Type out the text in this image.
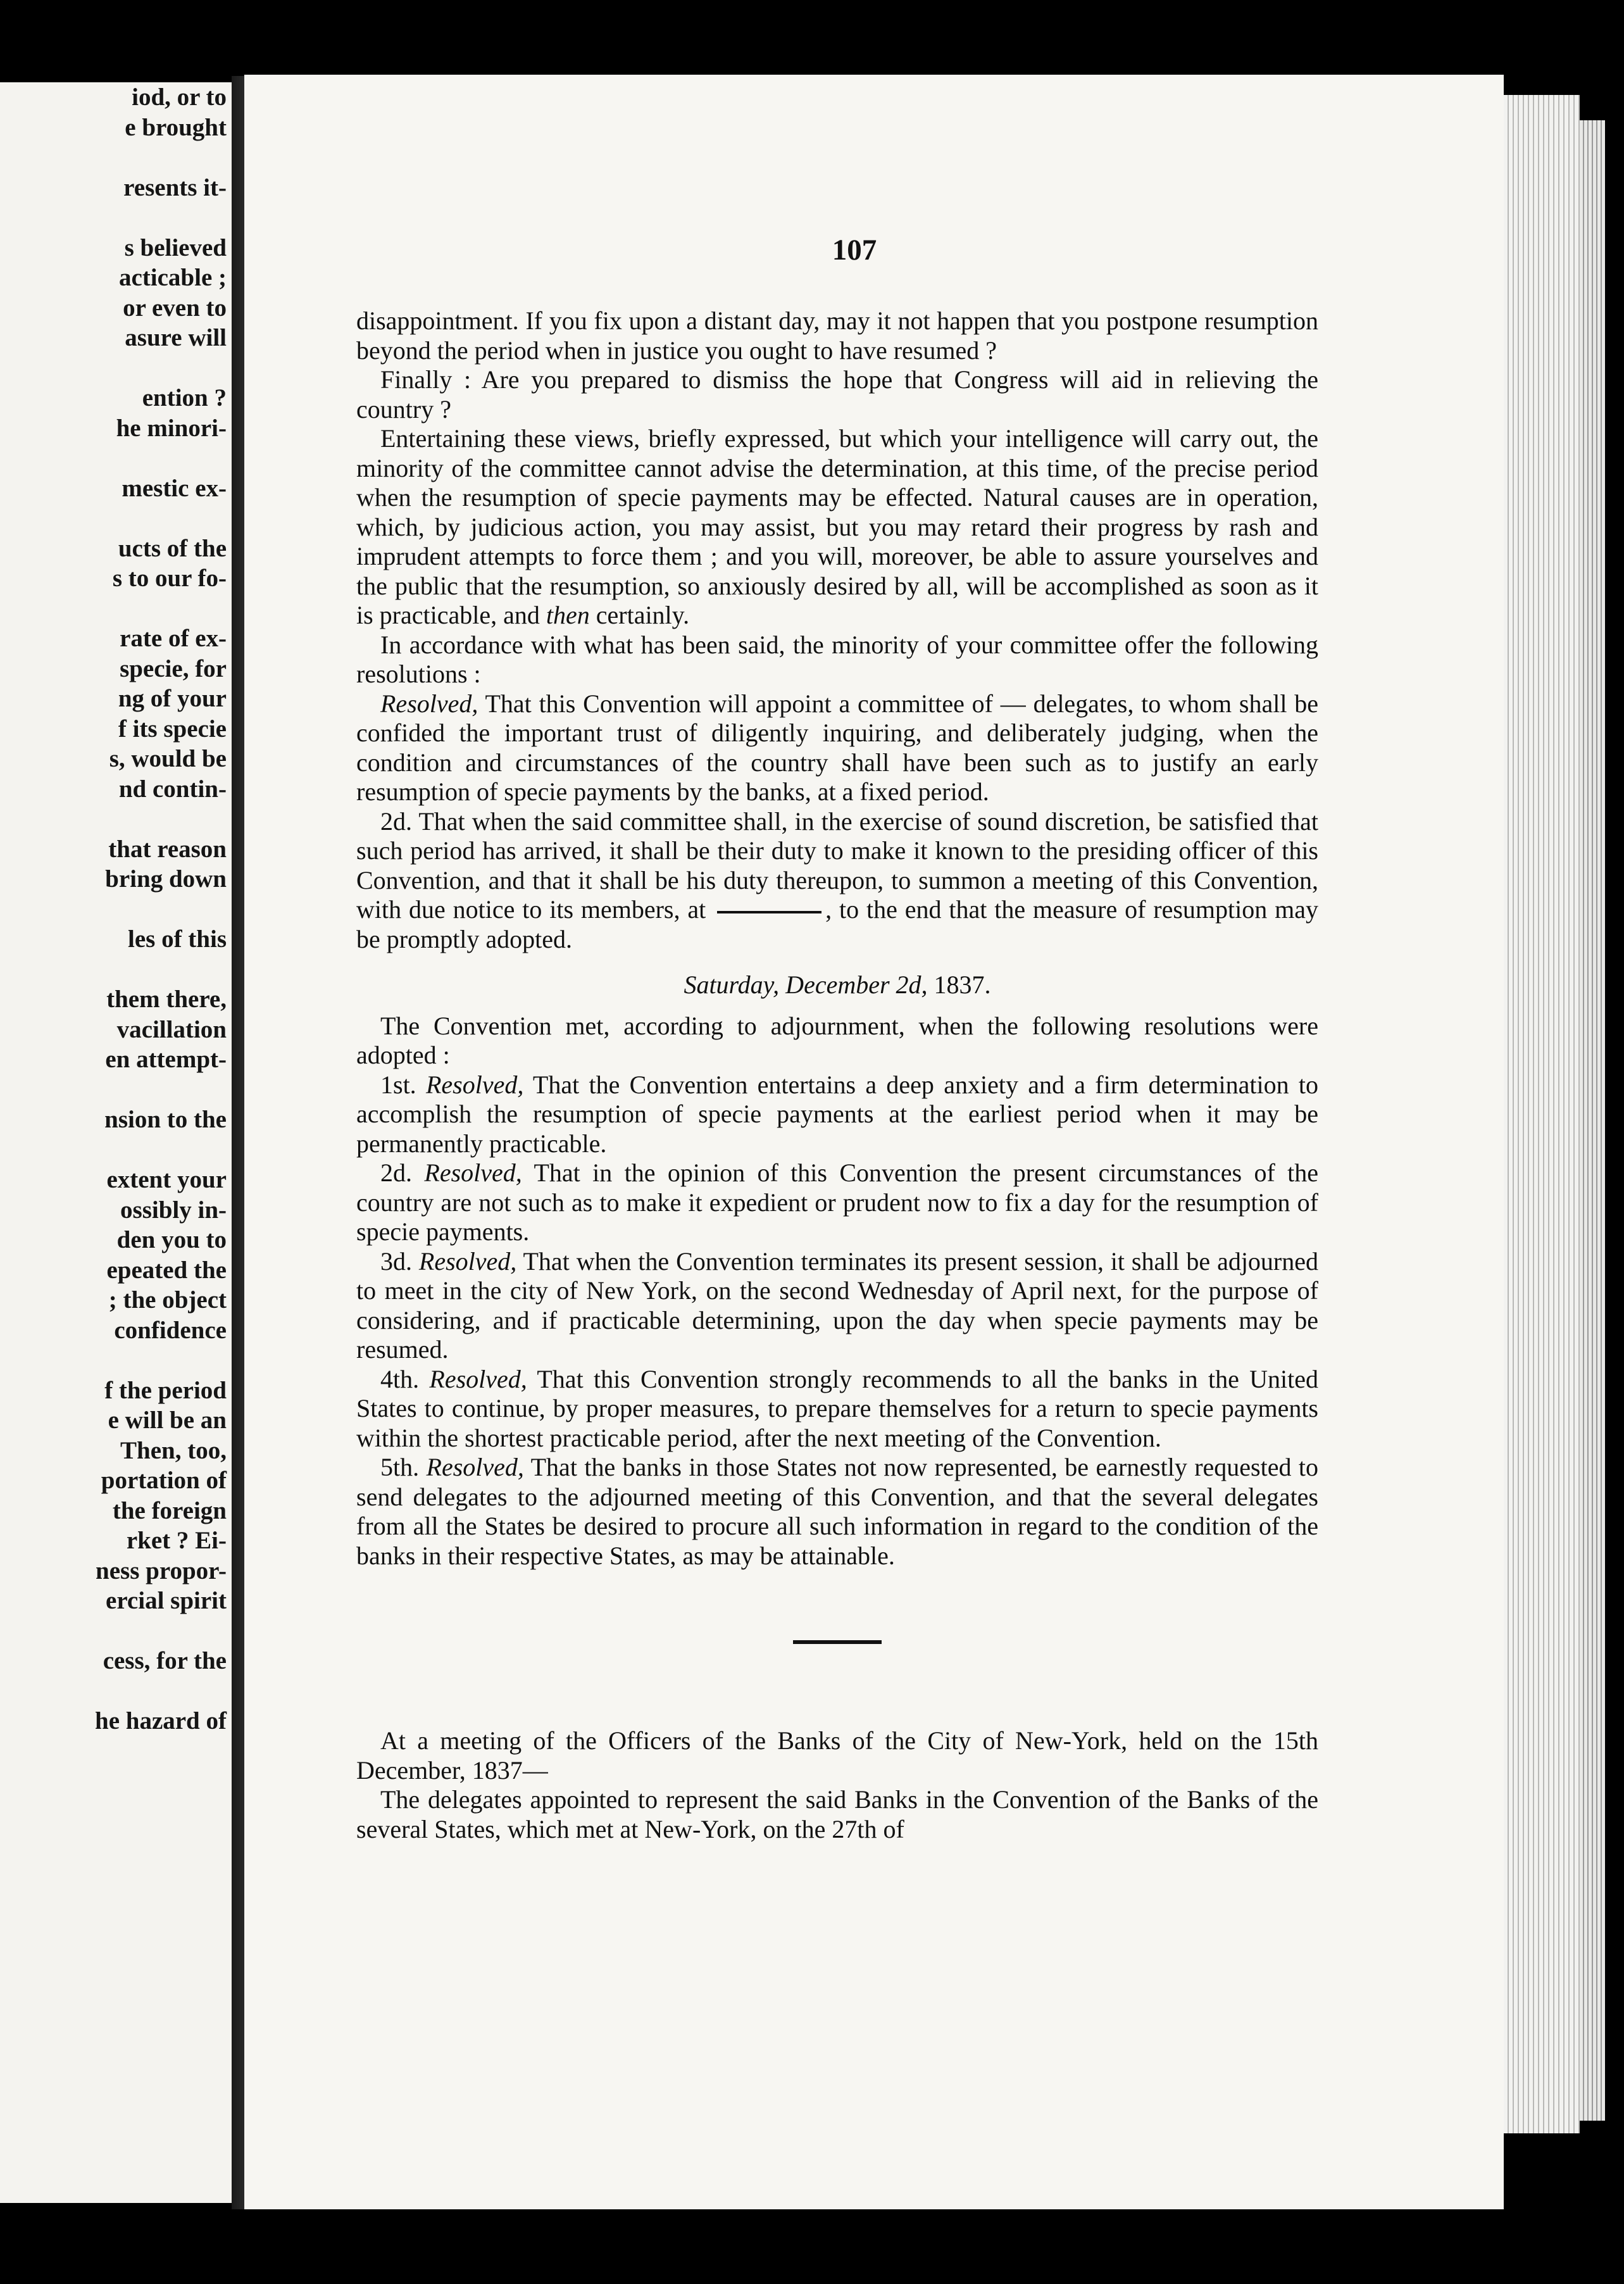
iod, or to
e brought
resents it-
s believed
acticable ;
or even to
asure will
ention ?
he minori-
mestic ex-
ucts of the
s to our fo-
rate of ex-
specie, for
ng of your
f its specie
s, would be
nd contin-
that reason
bring down
les of this
them there,
vacillation
en attempt-
nsion to the
extent your
ossibly in-
den you to
epeated the
; the object
confidence
f the period
e will be an
Then, too,
portation of
the foreign
rket ? Ei-
ness propor-
ercial spirit
cess, for the
he hazard of
107

disappointment. If you fix upon a distant day, may it not happen that you postpone resumption beyond the period when in justice you ought to have resumed ?

Finally : Are you prepared to dismiss the hope that Congress will aid in relieving the country ?

Entertaining these views, briefly expressed, but which your intelligence will carry out, the minority of the committee cannot advise the determination, at this time, of the precise period when the resumption of specie payments may be effected. Natural causes are in operation, which, by judicious action, you may assist, but you may retard their progress by rash and imprudent attempts to force them ; and you will, moreover, be able to assure yourselves and the public that the resumption, so anxiously desired by all, will be accomplished as soon as it is practicable, and then certainly.

In accordance with what has been said, the minority of your committee offer the following resolutions :

Resolved, That this Convention will appoint a committee of — delegates, to whom shall be confided the important trust of diligently inquiring, and deliberately judging, when the condition and circumstances of the country shall have been such as to justify an early resumption of specie payments by the banks, at a fixed period.

2d. That when the said committee shall, in the exercise of sound discretion, be satisfied that such period has arrived, it shall be their duty to make it known to the presiding officer of this Convention, and that it shall be his duty thereupon, to summon a meeting of this Convention, with due notice to its members, at	, to the end that the measure of resumption may be promptly adopted.

Saturday, December 2d, 1837.

The Convention met, according to adjournment, when the following resolutions were adopted :

1st. Resolved, That the Convention entertains a deep anxiety and a firm determination to accomplish the resumption of specie payments at the earliest period when it may be permanently practicable.

2d. Resolved, That in the opinion of this Convention the present circumstances of the country are not such as to make it expedient or prudent now to fix a day for the resumption of specie payments.

3d. Resolved, That when the Convention terminates its present session, it shall be adjourned to meet in the city of New York, on the second Wednesday of April next, for the purpose of considering, and if practicable determining, upon the day when specie payments may be resumed.

4th. Resolved, That this Convention strongly recommends to all the banks in the United States to continue, by proper measures, to prepare themselves for a return to specie payments within the shortest practicable period, after the next meeting of the Convention.

5th. Resolved, That the banks in those States not now represented, be earnestly requested to send delegates to the adjourned meeting of this Convention, and that the several delegates from all the States be desired to procure all such information in regard to the condition of the banks in their respective States, as may be attainable.

At a meeting of the Officers of the Banks of the City of New-York, held on the 15th December, 1837—

The delegates appointed to represent the said Banks in the Convention of the Banks of the several States, which met at New-York, on the 27th of
